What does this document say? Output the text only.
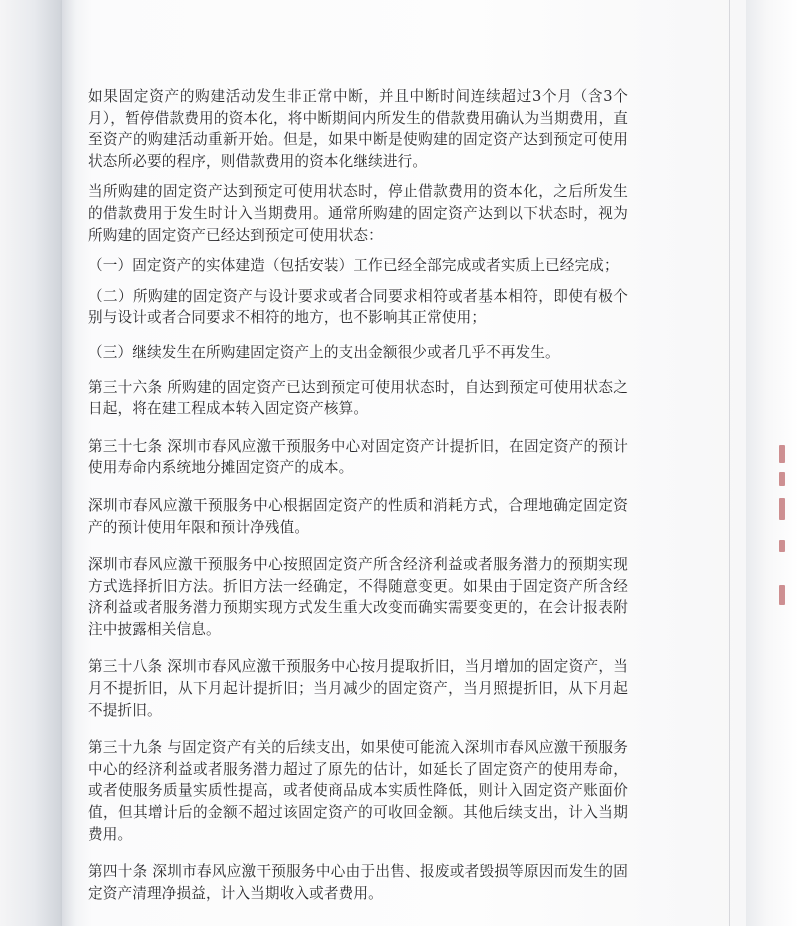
如果固定资产的购建活动发生非正常中断，并且中断时间连续超过3个月（含3个月），暂停借款费用的资本化，将中断期间内所发生的借款费用确认为当期费用，直至资产的购建活动重新开始。但是，如果中断是使购建的固定资产达到预定可使用状态所必要的程序，则借款费用的资本化继续进行。

当所购建的固定资产达到预定可使用状态时，停止借款费用的资本化，之后所发生的借款费用于发生时计入当期费用。通常所购建的固定资产达到以下状态时，视为所购建的固定资产已经达到预定可使用状态：

（一）固定资产的实体建造（包括安装）工作已经全部完成或者实质上已经完成；

（二）所购建的固定资产与设计要求或者合同要求相符或者基本相符，即使有极个别与设计或者合同要求不相符的地方，也不影响其正常使用；

（三）继续发生在所购建固定资产上的支出金额很少或者几乎不再发生。

第三十六条 所购建的固定资产已达到预定可使用状态时，自达到预定可使用状态之日起，将在建工程成本转入固定资产核算。

第三十七条 深圳市春风应激干预服务中心对固定资产计提折旧，在固定资产的预计使用寿命内系统地分摊固定资产的成本。

深圳市春风应激干预服务中心根据固定资产的性质和消耗方式，合理地确定固定资产的预计使用年限和预计净残值。

深圳市春风应激干预服务中心按照固定资产所含经济利益或者服务潜力的预期实现方式选择折旧方法。折旧方法一经确定，不得随意变更。如果由于固定资产所含经济利益或者服务潜力预期实现方式发生重大改变而确实需要变更的，在会计报表附注中披露相关信息。

第三十八条 深圳市春风应激干预服务中心按月提取折旧，当月增加的固定资产，当月不提折旧，从下月起计提折旧；当月减少的固定资产，当月照提折旧，从下月起不提折旧。

第三十九条 与固定资产有关的后续支出，如果使可能流入深圳市春风应激干预服务中心的经济利益或者服务潜力超过了原先的估计，如延长了固定资产的使用寿命，或者使服务质量实质性提高，或者使商品成本实质性降低，则计入固定资产账面价值，但其增计后的金额不超过该固定资产的可收回金额。其他后续支出，计入当期费用。

第四十条 深圳市春风应激干预服务中心由于出售、报废或者毁损等原因而发生的固定资产清理净损益，计入当期收入或者费用。
